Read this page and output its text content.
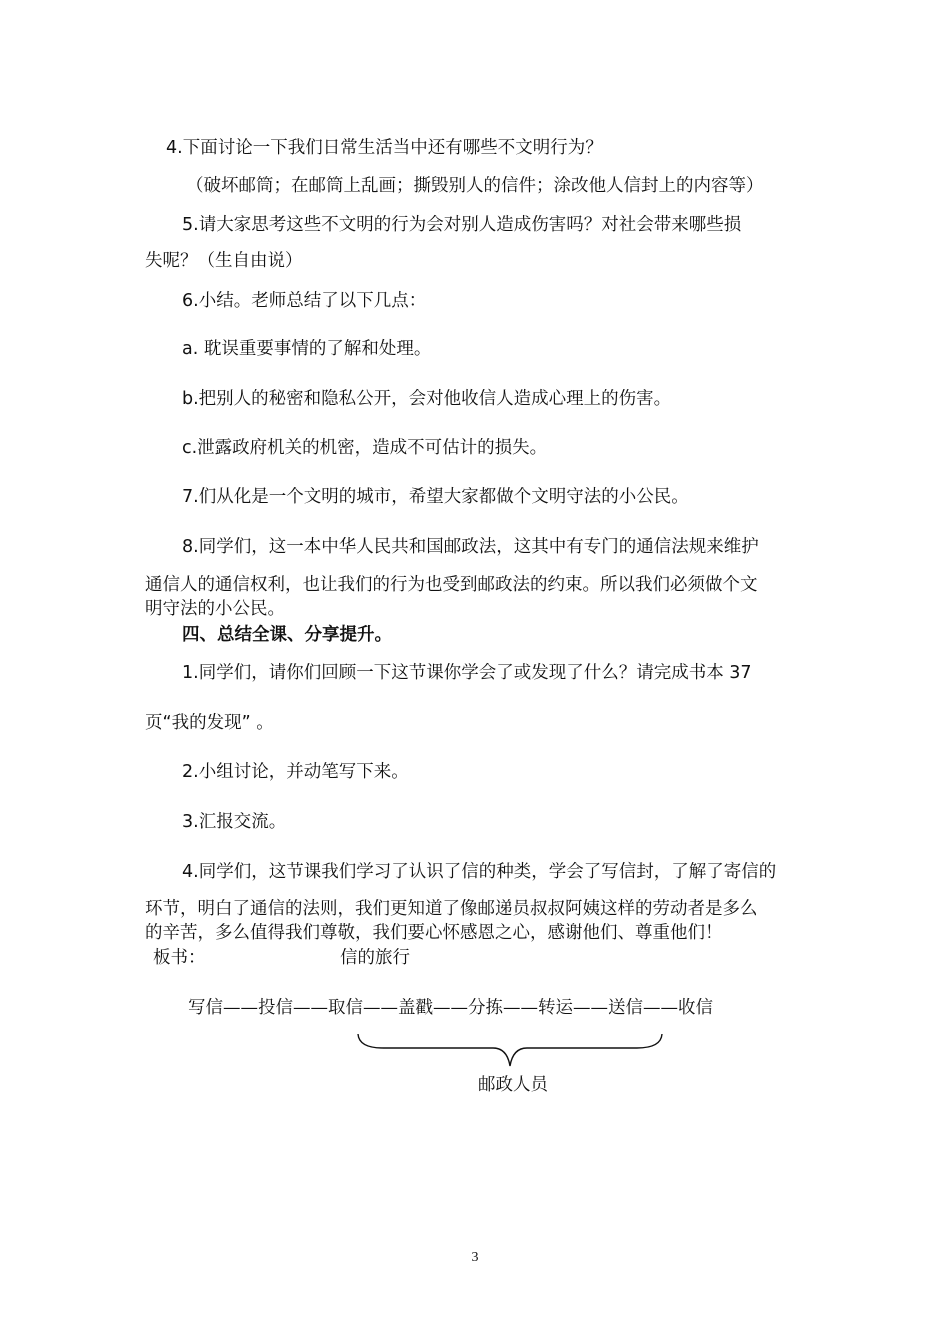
4.下面讨论一下我们日常生活当中还有哪些不文明行为？
（破坏邮筒；在邮筒上乱画；撕毁别人的信件；涂改他人信封上的内容等）
5.请大家思考这些不文明的行为会对别人造成伤害吗？对社会带来哪些损
失呢？（生自由说）
6.小结。老师总结了以下几点：
a. 耽误重要事情的了解和处理。
b.把别人的秘密和隐私公开，会对他收信人造成心理上的伤害。
c.泄露政府机关的机密，造成不可估计的损失。
7.们从化是一个文明的城市，希望大家都做个文明守法的小公民。
8.同学们，这一本中华人民共和国邮政法，这其中有专门的通信法规来维护
通信人的通信权利，也让我们的行为也受到邮政法的约束。所以我们必须做个文
明守法的小公民。
四、总结全课、分享提升。
1.同学们，请你们回顾一下这节课你学会了或发现了什么？请完成书本 37
页“我的发现” 。
2.小组讨论，并动笔写下来。
3.汇报交流。
4.同学们，这节课我们学习了认识了信的种类，学会了写信封，了解了寄信的
环节，明白了通信的法则，我们更知道了像邮递员叔叔阿姨这样的劳动者是多么
的辛苦，多么值得我们尊敬，我们要心怀感恩之心，感谢他们、尊重他们！
板书：	信的旅行
写信——投信——取信——盖戳——分拣——转运——送信——收信
邮政人员
3
